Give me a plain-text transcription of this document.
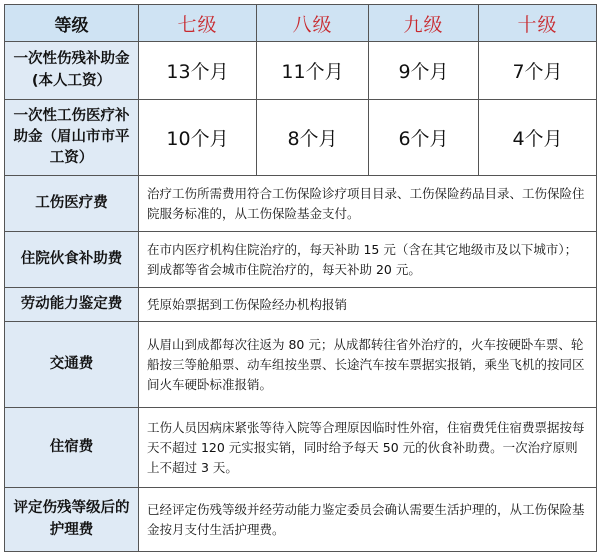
等级	七级	八级	九级	十级
一次性伤残补助金(本人工资）	13个月	11个月	9个月	7个月
一次性工伤医疗补助金（眉山市市平工资）	10个月	8个月	6个月	4个月
工伤医疗费	治疗工伤所需费用符合工伤保险诊疗项目目录、工伤保险药品目录、工伤保险住院服务标准的，从工伤保险基金支付。			
住院伙食补助费	在市内医疗机构住院治疗的，每天补助 15 元（含在其它地级市及以下城市）；到成都等省会城市住院治疗的，每天补助 20 元。			
劳动能力鉴定费	凭原始票据到工伤保险经办机构报销			
交通费	从眉山到成都每次往返为 80 元；从成都转往省外治疗的，火车按硬卧车票、轮船按三等舱船票、动车组按坐票、长途汽车按车票据实报销，乘坐飞机的按同区间火车硬卧标准报销。			
住宿费	工伤人员因病床紧张等待入院等合理原因临时性外宿，住宿费凭住宿费票据按每天不超过 120 元实报实销，同时给予每天 50 元的伙食补助费。一次治疗原则上不超过 3 天。			
评定伤残等级后的护理费	已经评定伤残等级并经劳动能力鉴定委员会确认需要生活护理的，从工伤保险基金按月支付生活护理费。			
